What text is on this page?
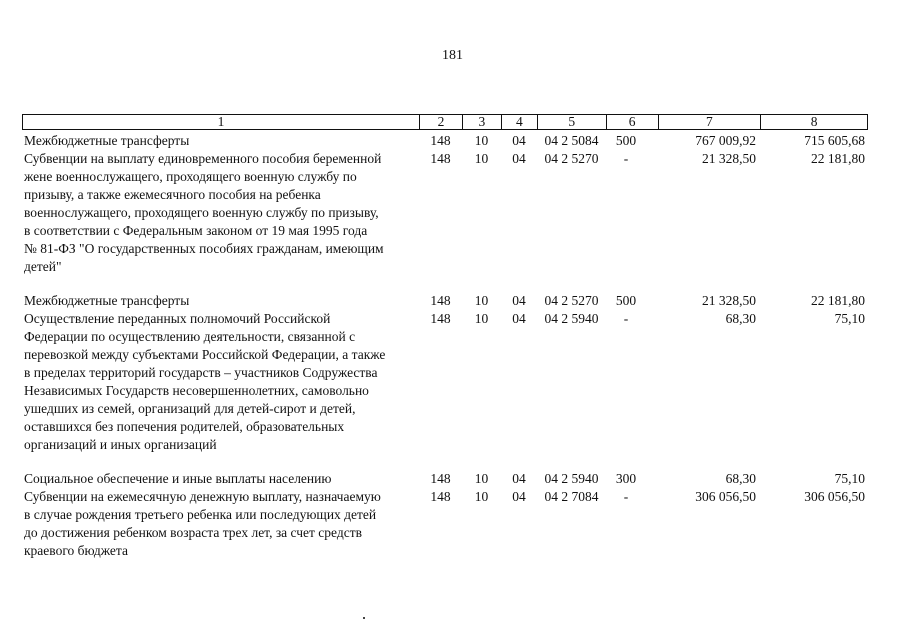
181
1	2	3	4	5	6	7	8
Межбюджетные трансферты	148	10	04	04 2 5084	500	767 009,92	715 605,68
Субвенции на выплату единовременного пособия беременной
жене военнослужащего, проходящего военную службу по
призыву, а также ежемесячного пособия на ребенка
военнослужащего, проходящего военную службу по призыву,
в соответствии с Федеральным законом от 19 мая 1995 года
№ 81-ФЗ "О государственных пособиях гражданам, имеющим
детей"
148	10	04	04 2 5270	-	21 328,50	22 181,80
Межбюджетные трансферты	148	10	04	04 2 5270	500	21 328,50	22 181,80
Осуществление переданных полномочий Российской
Федерации по осуществлению деятельности, связанной с
перевозкой между субъектами Российской Федерации, а также
в пределах территорий государств – участников Содружества
Независимых Государств несовершеннолетних, самовольно
ушедших из семей, организаций для детей-сирот и детей,
оставшихся без попечения родителей, образовательных
организаций и иных организаций
148	10	04	04 2 5940	-	68,30	75,10
Социальное обеспечение и иные выплаты населению	148	10	04	04 2 5940	300	68,30	75,10
Субвенции на ежемесячную денежную выплату, назначаемую
в случае рождения третьего ребенка или последующих детей
до достижения ребенком возраста трех лет, за счет средств
краевого бюджета
148	10	04	04 2 7084	-	306 056,50	306 056,50
